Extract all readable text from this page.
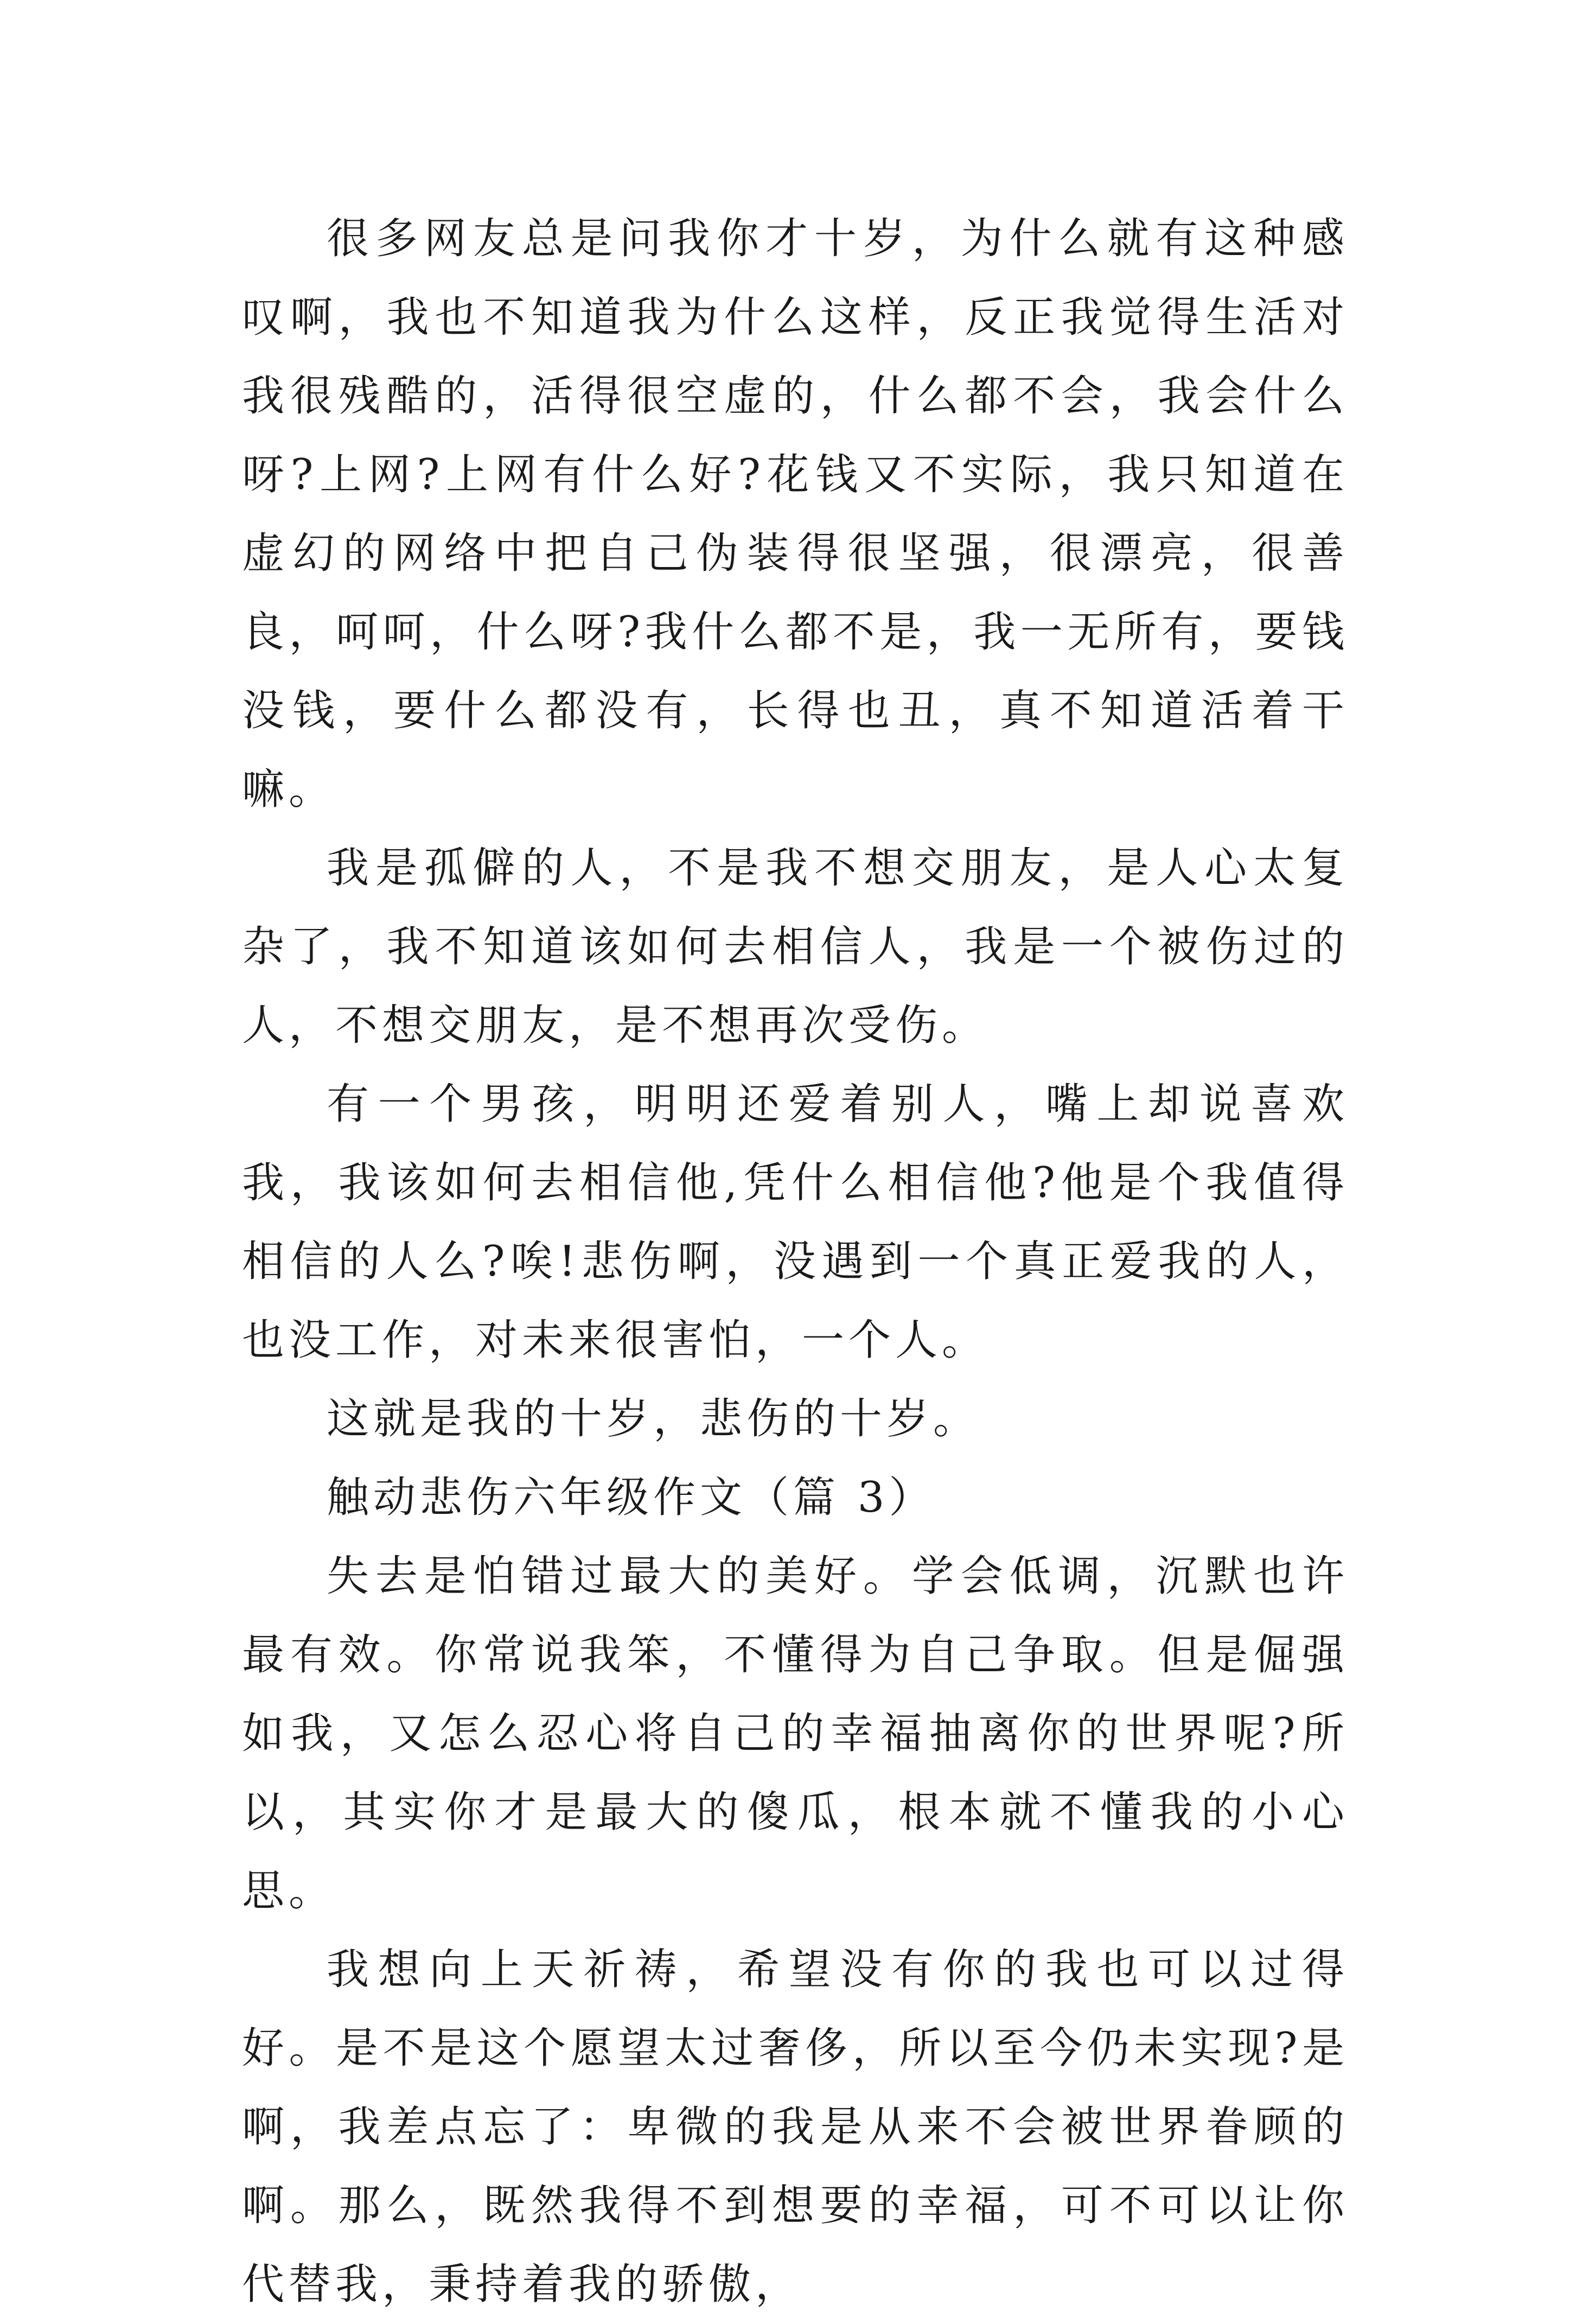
很多网友总是问我你才十岁，为什么就有这种感叹啊，我也不知道我为什么这样，反正我觉得生活对我很残酷的，活得很空虚的，什么都不会，我会什么呀?上网?上网有什么好?花钱又不实际，我只知道在虚幻的网络中把自己伪装得很坚强，很漂亮，很善良，呵呵，什么呀?我什么都不是，我一无所有，要钱没钱，要什么都没有，长得也丑，真不知道活着干嘛。

我是孤僻的人，不是我不想交朋友，是人心太复杂了，我不知道该如何去相信人，我是一个被伤过的人，不想交朋友，是不想再次受伤。

有一个男孩，明明还爱着别人，嘴上却说喜欢我，我该如何去相信他,凭什么相信他?他是个我值得相信的人么?唉!悲伤啊，没遇到一个真正爱我的人，也没工作，对未来很害怕，一个人。

这就是我的十岁，悲伤的十岁。

触动悲伤六年级作文（篇 3）

失去是怕错过最大的美好。学会低调，沉默也许最有效。你常说我笨，不懂得为自己争取。但是倔强如我，又怎么忍心将自己的幸福抽离你的世界呢?所以，其实你才是最大的傻瓜，根本就不懂我的小心思。

我想向上天祈祷，希望没有你的我也可以过得好。是不是这个愿望太过奢侈，所以至今仍未实现?是啊，我差点忘了：卑微的我是从来不会被世界眷顾的啊。那么，既然我得不到想要的幸福，可不可以让你代替我，秉持着我的骄傲，
